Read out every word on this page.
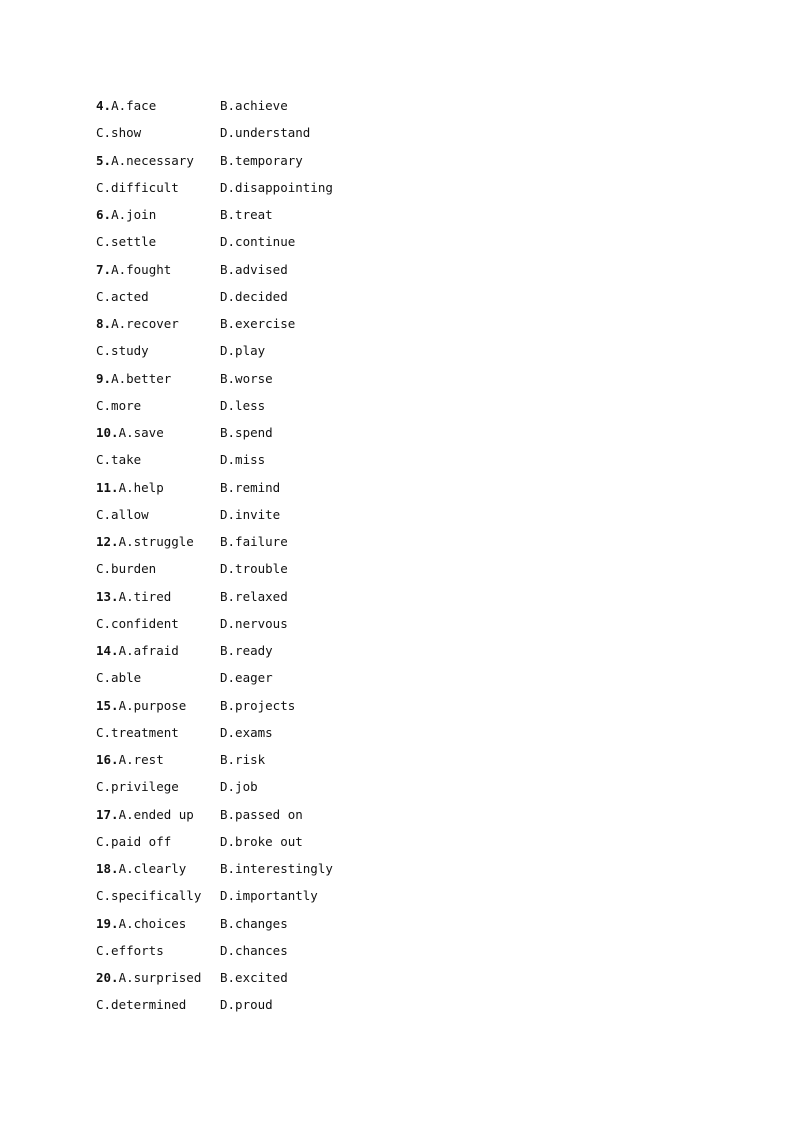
4.A.face	B.achieve
C.show	D.understand
5.A.necessary	B.temporary
C.difficult	D.disappointing
6.A.join	B.treat
C.settle	D.continue
7.A.fought	B.advised
C.acted	D.decided
8.A.recover	B.exercise
C.study	D.play
9.A.better	B.worse
C.more	D.less
10.A.save	B.spend
C.take	D.miss
11.A.help	B.remind
C.allow	D.invite
12.A.struggle	B.failure
C.burden	D.trouble
13.A.tired	B.relaxed
C.confident	D.nervous
14.A.afraid	B.ready
C.able	D.eager
15.A.purpose	B.projects
C.treatment	D.exams
16.A.rest	B.risk
C.privilege	D.job
17.A.ended up	B.passed on
C.paid off	D.broke out
18.A.clearly	B.interestingly
C.specifically	D.importantly
19.A.choices	B.changes
C.efforts	D.chances
20.A.surprised	B.excited
C.determined	D.proud
